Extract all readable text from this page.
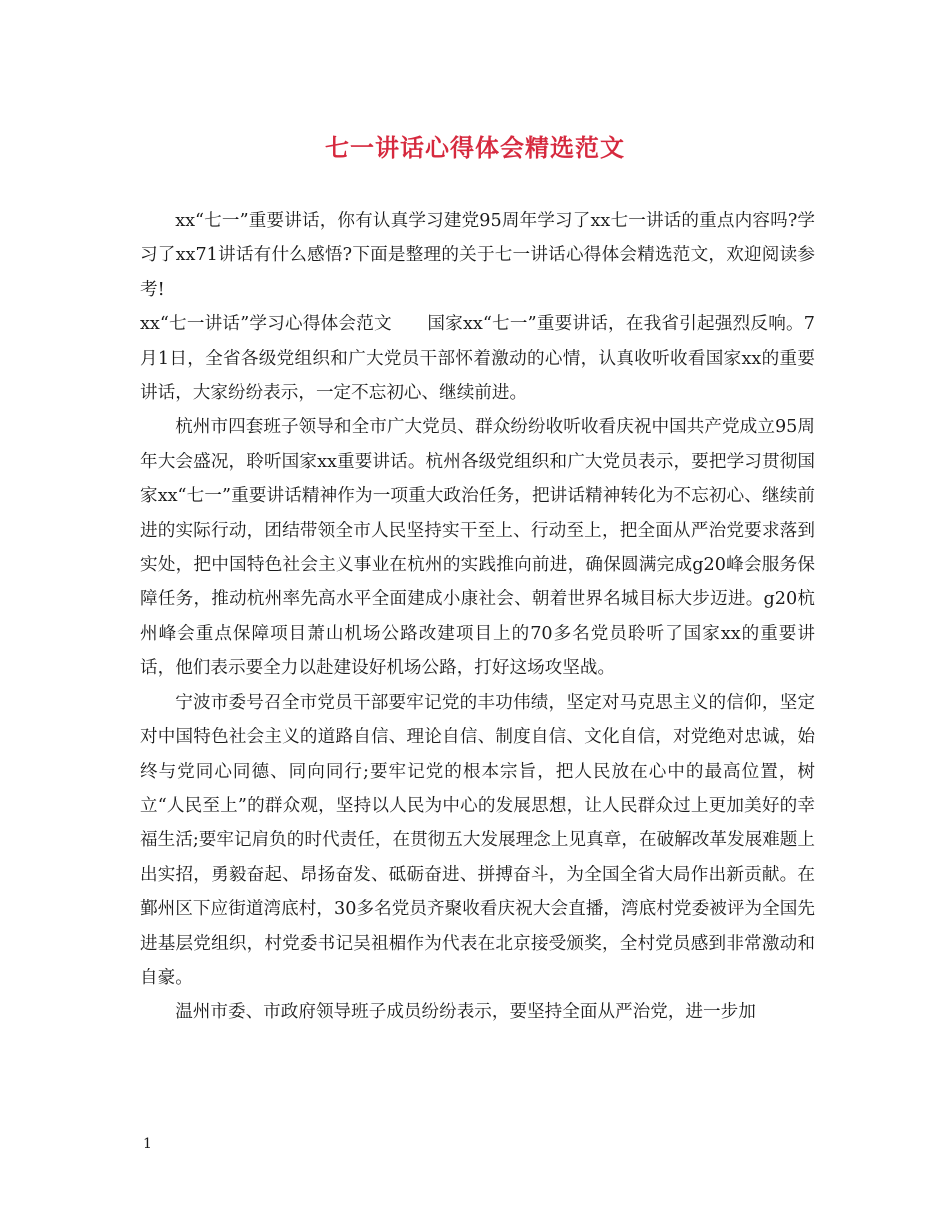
七一讲话心得体会精选范文

xx“七一”重要讲话，你有认真学习建党95周年学习了xx七一讲话的重点内容吗?学习了xx71讲话有什么感悟?下面是整理的关于七一讲话心得体会精选范文，欢迎阅读参考!

xx“七一讲话”学习心得体会范文　　国家xx“七一”重要讲话，在我省引起强烈反响。7月1日，全省各级党组织和广大党员干部怀着激动的心情，认真收听收看国家xx的重要讲话，大家纷纷表示，一定不忘初心、继续前进。

杭州市四套班子领导和全市广大党员、群众纷纷收听收看庆祝中国共产党成立95周年大会盛况，聆听国家xx重要讲话。杭州各级党组织和广大党员表示，要把学习贯彻国家xx“七一”重要讲话精神作为一项重大政治任务，把讲话精神转化为不忘初心、继续前进的实际行动，团结带领全市人民坚持实干至上、行动至上，把全面从严治党要求落到实处，把中国特色社会主义事业在杭州的实践推向前进，确保圆满完成g20峰会服务保障任务，推动杭州率先高水平全面建成小康社会、朝着世界名城目标大步迈进。g20杭州峰会重点保障项目萧山机场公路改建项目上的70多名党员聆听了国家xx的重要讲话，他们表示要全力以赴建设好机场公路，打好这场攻坚战。

宁波市委号召全市党员干部要牢记党的丰功伟绩，坚定对马克思主义的信仰，坚定对中国特色社会主义的道路自信、理论自信、制度自信、文化自信，对党绝对忠诚，始终与党同心同德、同向同行;要牢记党的根本宗旨，把人民放在心中的最高位置，树立“人民至上”的群众观，坚持以人民为中心的发展思想，让人民群众过上更加美好的幸福生活;要牢记肩负的时代责任，在贯彻五大发展理念上见真章，在破解改革发展难题上出实招，勇毅奋起、昂扬奋发、砥砺奋进、拼搏奋斗，为全国全省大局作出新贡献。在鄞州区下应街道湾底村，30多名党员齐聚收看庆祝大会直播，湾底村党委被评为全国先进基层党组织，村党委书记吴祖楣作为代表在北京接受颁奖，全村党员感到非常激动和自豪。

温州市委、市政府领导班子成员纷纷表示，要坚持全面从严治党，进一步加

1
